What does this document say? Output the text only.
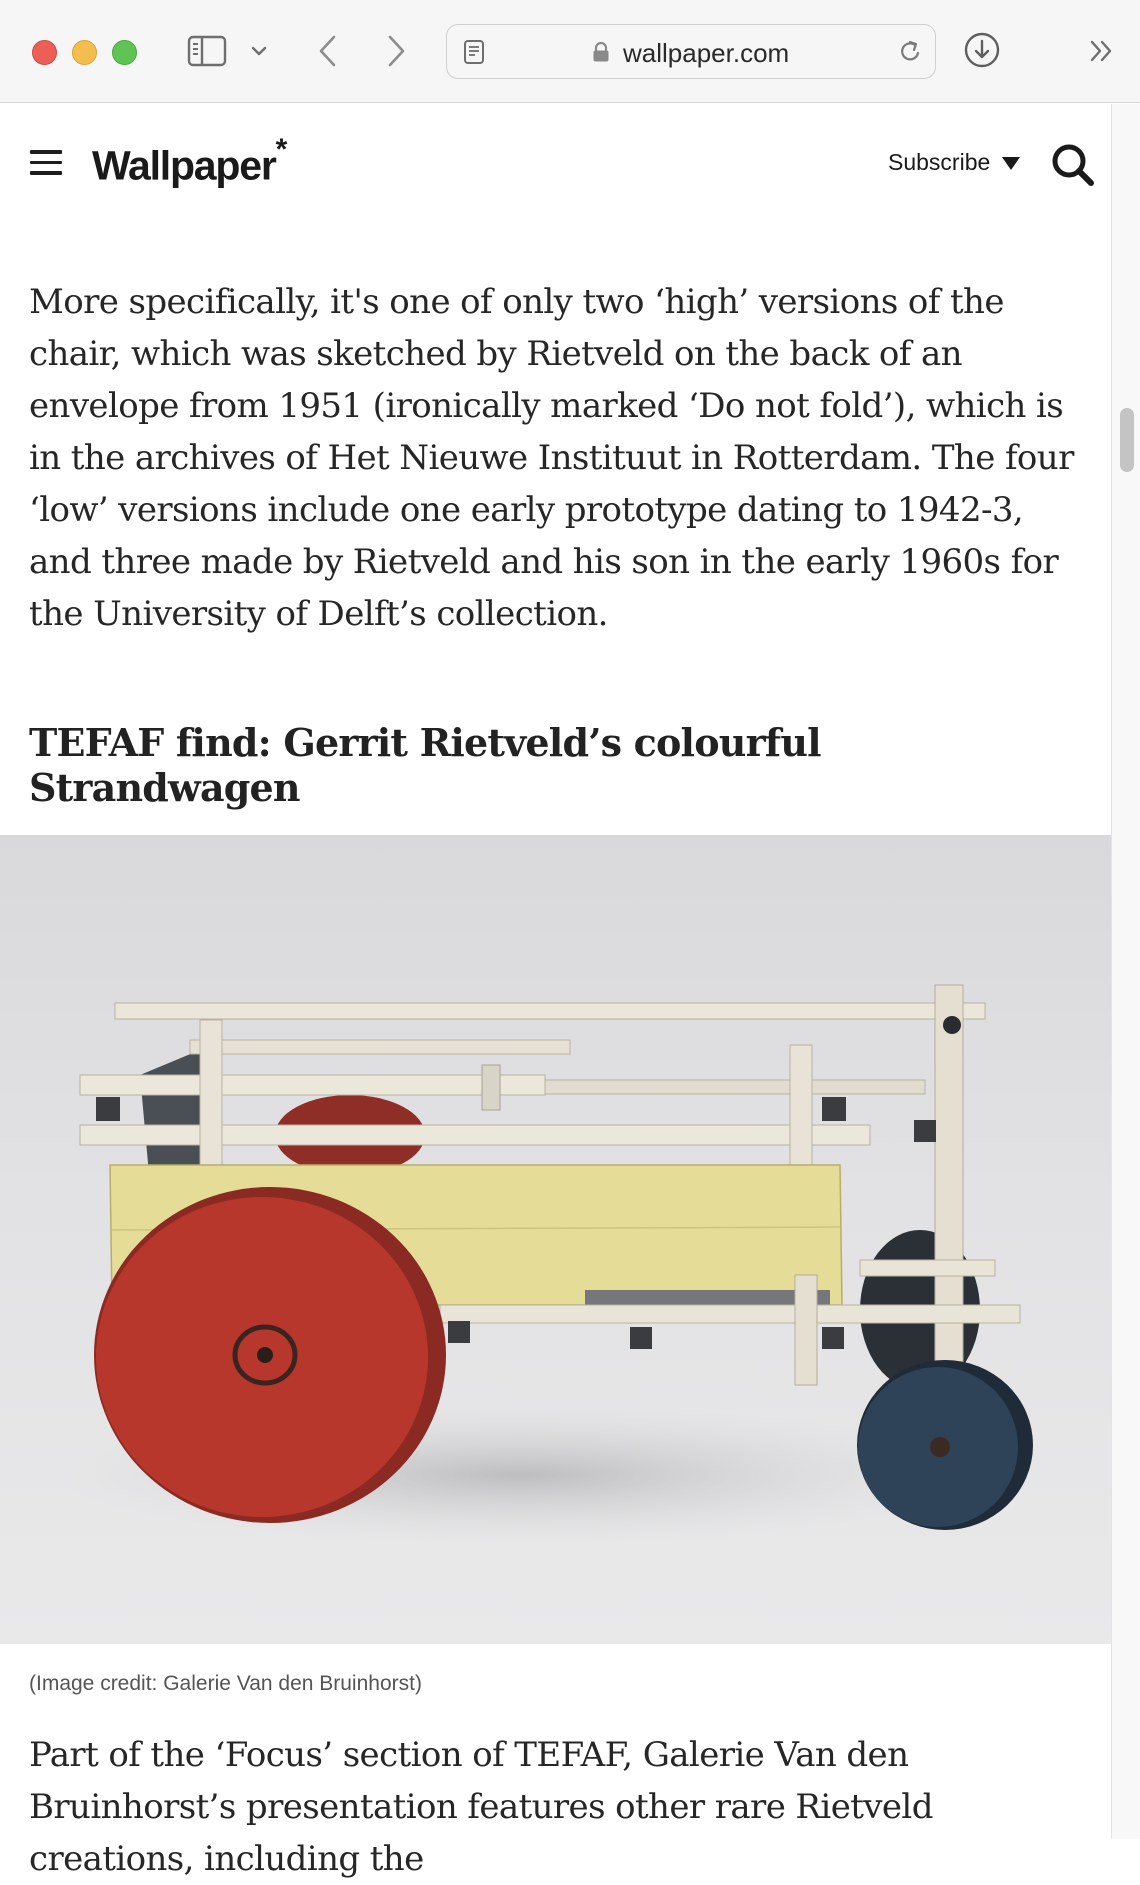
wallpaper.com
Wallpaper*	Subscribe

More specifically, it's one of only two ‘high’ versions of the chair, which was sketched by Rietveld on the back of an envelope from 1951 (ironically marked ‘Do not fold’), which is in the archives of Het Nieuwe Instituut in Rotterdam. The four ‘low’ versions include one early prototype dating to 1942-3, and three made by Rietveld and his son in the early 1960s for the University of Delft’s collection.

TEFAF find: Gerrit Rietveld’s colourful Strandwagen
(Image credit: Galerie Van den Bruinhorst)

Part of the ‘Focus’ section of TEFAF, Galerie Van den Bruinhorst’s presentation features other rare Rietveld creations, including the
